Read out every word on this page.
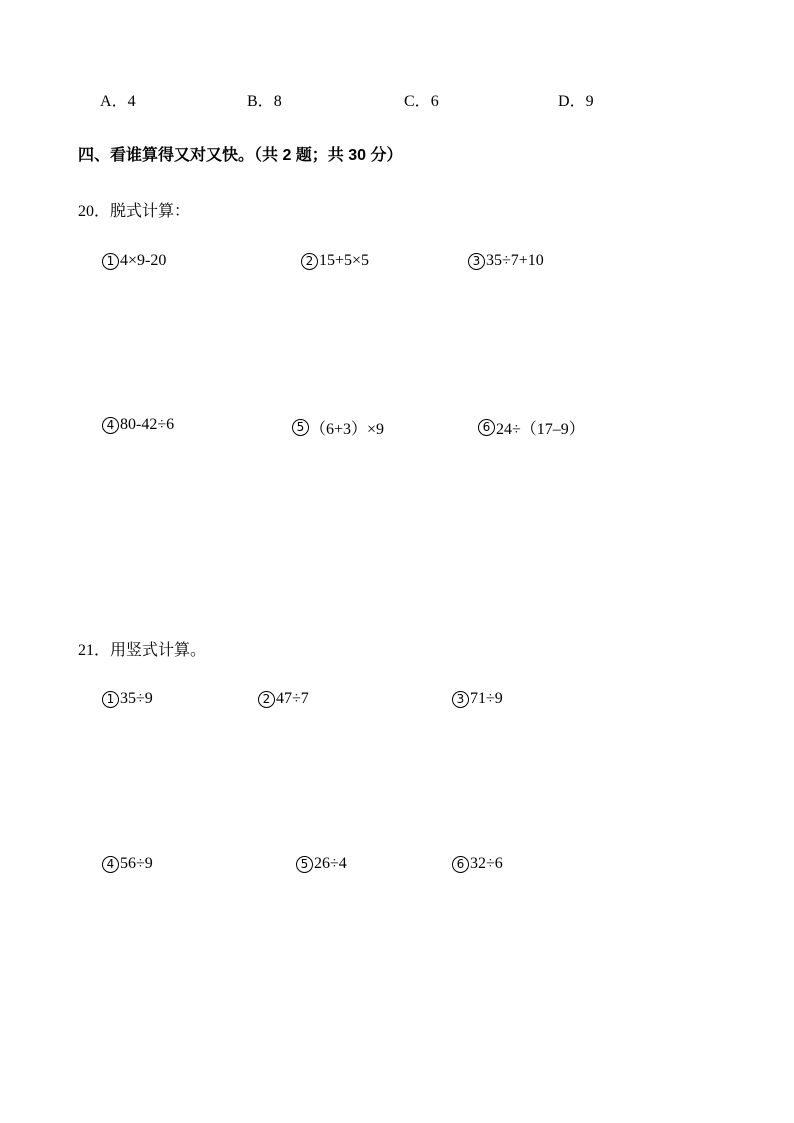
A．4	B．8	C．6	D．9
四、看谁算得又对又快。（共 2 题；共 30 分）
20．脱式计算：
1 4×9-20	2 15+5×5	3 35÷7+10
4 80-42÷6	5 （6+3）×9	6 24÷（17–9）
21．用竖式计算。
1 35÷9	2 47÷7	3 71÷9
4 56÷9	5 26÷4	6 32÷6
